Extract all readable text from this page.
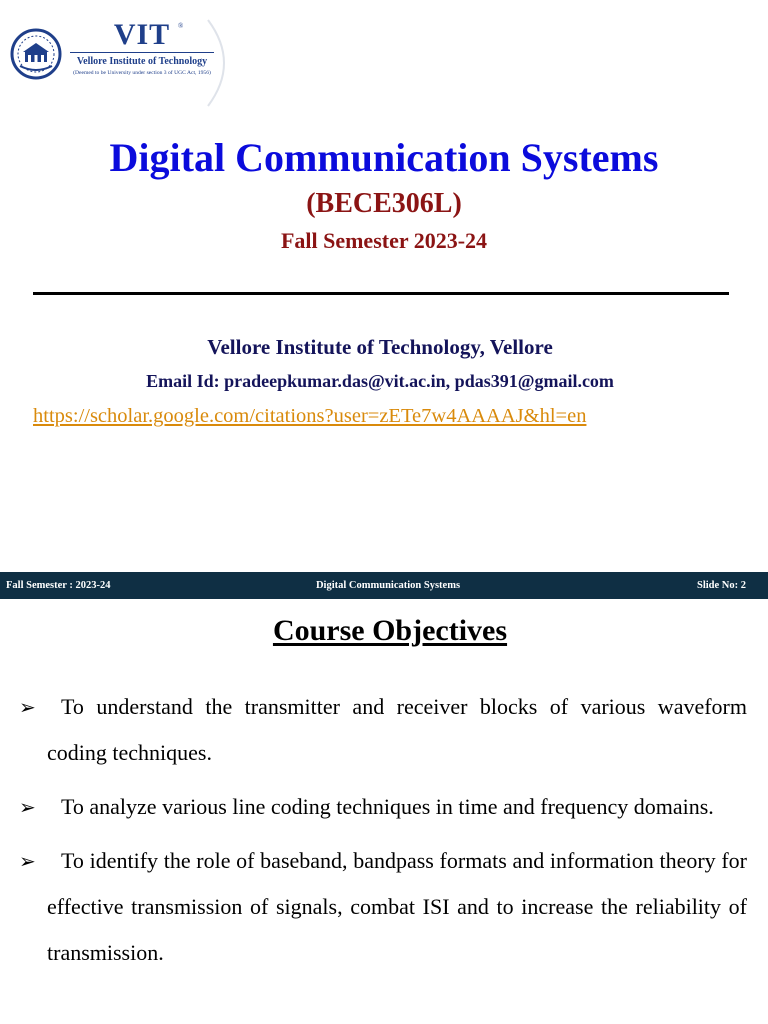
VIT	®
Vellore Institute of Technology
(Deemed to be University under section 3 of UGC Act, 1956)
Digital Communication Systems
(BECE306L)
Fall Semester 2023-24
Vellore Institute of Technology, Vellore
Email Id: pradeepkumar.das@vit.ac.in, pdas391@gmail.com
https://scholar.google.com/citations?user=zETe7w4AAAAJ&hl=en
Fall Semester : 2023-24	Digital Communication Systems	Slide No: 2
Course Objectives
➢ To understand the transmitter and receiver blocks of various waveform coding techniques.
➢ To analyze various line coding techniques in time and frequency domains.
➢ To identify the role of baseband, bandpass formats and information theory for effective transmission of signals, combat ISI and to increase the reliability of transmission.
